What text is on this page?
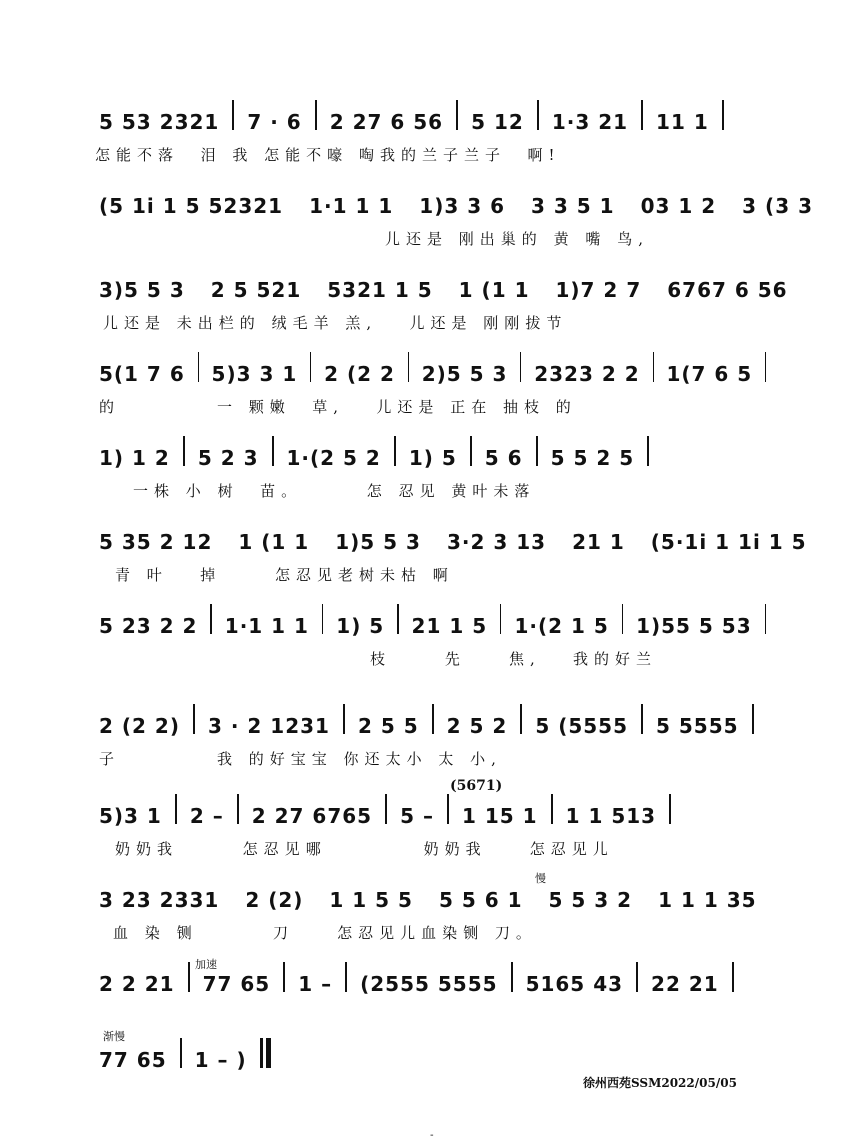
5 53 2321 7 · 6 2 27 6 56 5 12 1·3 21 11 1
怎能不落
泪
我
怎能 不嚎
啕我的 兰子兰子
啊!
(5 1i 1 5 52321 1·1 1 1 1)3 3 6 3 3 5 1 03 1 2 3 (3 3
儿还是
刚出巢的
黄
嘴
鸟,
3)5 5 3 2 5 521 5321 1 5 1 (1 1 1)7 2 7 6767 6 56
儿还是
未出栏的
绒毛 羊
羔,
儿还是
刚刚 拔节
5(1 7 6 5)3 3 1 2 (2 2 2)5 5 3 2323 2 2 1(7 6 5
的
	一
颗嫩
草,
儿还是
正 在
抽枝
的
1) 1 2 5 2 3 1·(2 5 2 1) 5 5 6 5 5 2 5
一株
小
树
苗。
	怎
忍 见
黄叶未落
5 35 2 12 1 (1 1 1)5 5 3 3·2 3 13 21 1 (5·1i 1 1i 1 5
青
叶
掉
	怎忍见 老树未枯
啊
5 23 2 2 1·1 1 1 1) 5 21 1 5 1·(2 1 5 1)55 5 53
枝
	先
	焦,
我的好兰
2 (2 2) 3 · 2 1231 2 5 5 2 5 2 5 (5555 5 5555
子
	我
的好宝 宝
你还 太小
太
小,
(5671)
5)3 1 2 – 2 27 6765 5 – 1 15 1 1 1 513
奶 奶 我
	怎忍 见 哪
	奶奶 我
	怎忍见儿
慢
3 23 2331 2 (2) 1 1 5 5 5 5 6 1 5 5 3 2 1 1 1 35
血
染
铡
	刀
	怎忍见儿 血染铡
刀。
加速
2 2 21 77 65 1 – (2555 5555 5165 43 22 21
渐慢
77 65 1 – )
徐州西苑SSM2022/05/05
-
